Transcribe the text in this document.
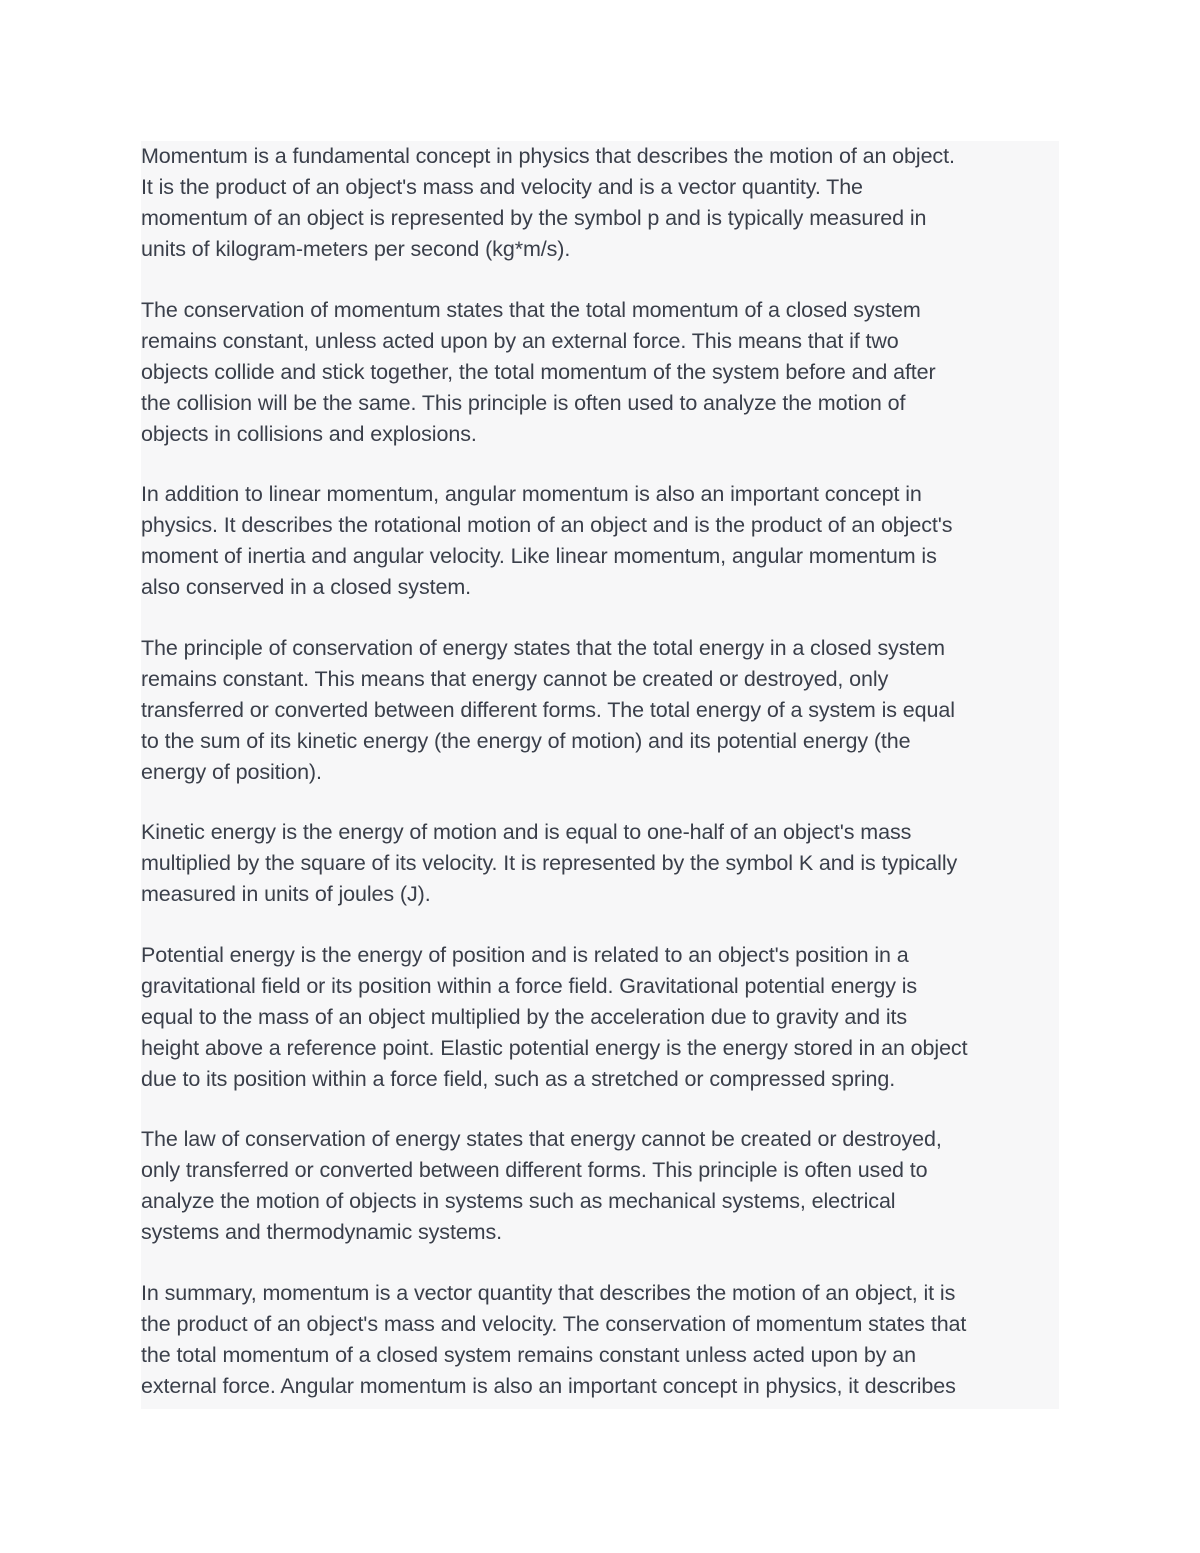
Momentum is a fundamental concept in physics that describes the motion of an object.
It is the product of an object's mass and velocity and is a vector quantity. The
momentum of an object is represented by the symbol p and is typically measured in
units of kilogram-meters per second (kg*m/s).

The conservation of momentum states that the total momentum of a closed system
remains constant, unless acted upon by an external force. This means that if two
objects collide and stick together, the total momentum of the system before and after
the collision will be the same. This principle is often used to analyze the motion of
objects in collisions and explosions.

In addition to linear momentum, angular momentum is also an important concept in
physics. It describes the rotational motion of an object and is the product of an object's
moment of inertia and angular velocity. Like linear momentum, angular momentum is
also conserved in a closed system.

The principle of conservation of energy states that the total energy in a closed system
remains constant. This means that energy cannot be created or destroyed, only
transferred or converted between different forms. The total energy of a system is equal
to the sum of its kinetic energy (the energy of motion) and its potential energy (the
energy of position).

Kinetic energy is the energy of motion and is equal to one-half of an object's mass
multiplied by the square of its velocity. It is represented by the symbol K and is typically
measured in units of joules (J).

Potential energy is the energy of position and is related to an object's position in a
gravitational field or its position within a force field. Gravitational potential energy is
equal to the mass of an object multiplied by the acceleration due to gravity and its
height above a reference point. Elastic potential energy is the energy stored in an object
due to its position within a force field, such as a stretched or compressed spring.

The law of conservation of energy states that energy cannot be created or destroyed,
only transferred or converted between different forms. This principle is often used to
analyze the motion of objects in systems such as mechanical systems, electrical
systems and thermodynamic systems.

In summary, momentum is a vector quantity that describes the motion of an object, it is
the product of an object's mass and velocity. The conservation of momentum states that
the total momentum of a closed system remains constant unless acted upon by an
external force. Angular momentum is also an important concept in physics, it describes
